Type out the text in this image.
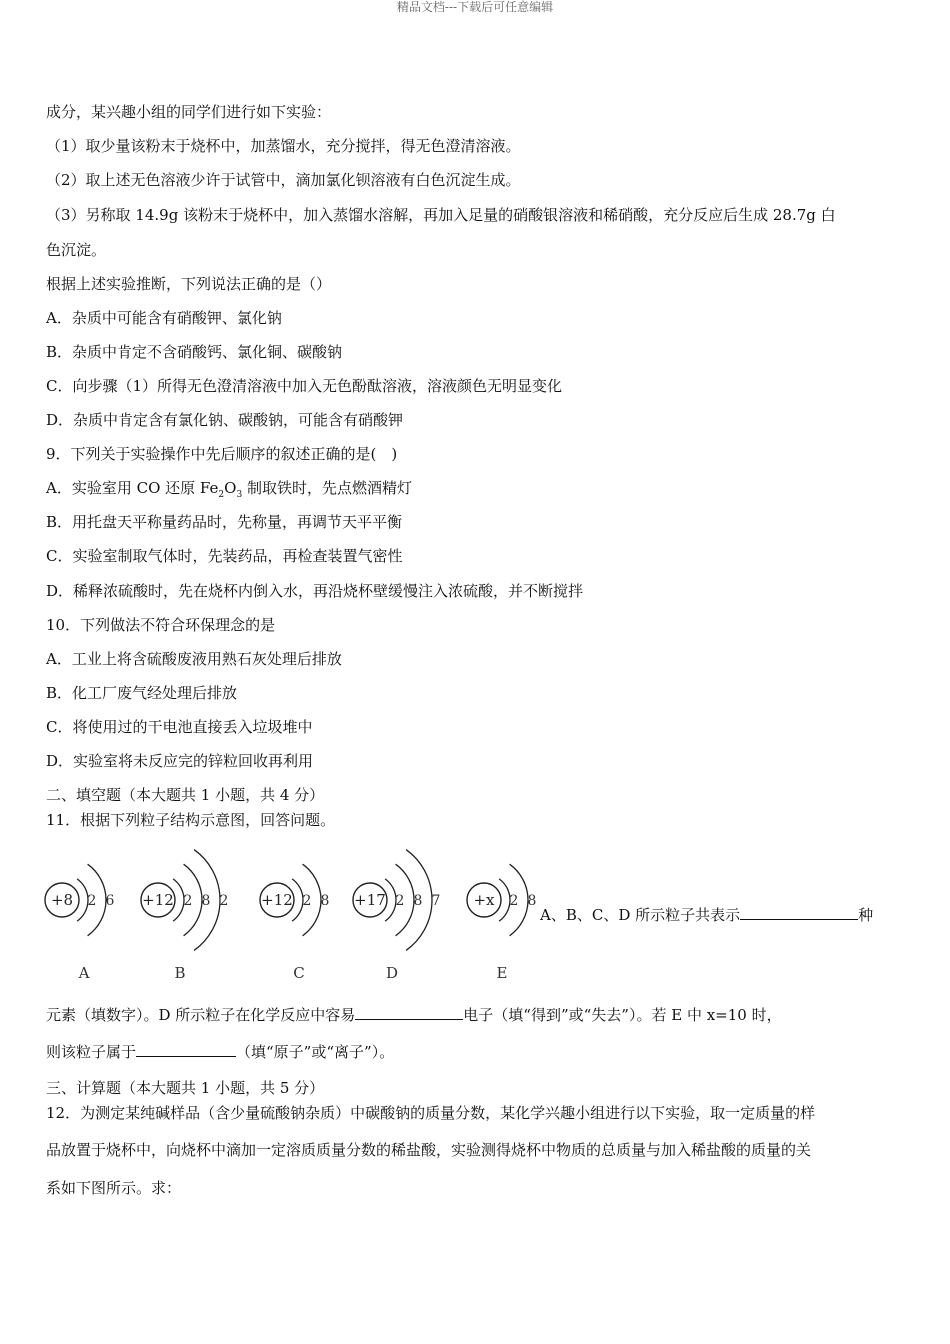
精品文档---下载后可任意编辑
成分，某兴趣小组的同学们进行如下实验：
（1）取少量该粉末于烧杯中，加蒸馏水，充分搅拌，得无色澄清溶液。
（2）取上述无色溶液少许于试管中，滴加氯化钡溶液有白色沉淀生成。
（3）另称取 14.9g 该粉末于烧杯中，加入蒸馏水溶解，再加入足量的硝酸银溶液和稀硝酸，充分反应后生成 28.7g 白
色沉淀。
根据上述实验推断，下列说法正确的是（）
A．杂质中可能含有硝酸钾、氯化钠
B．杂质中肯定不含硝酸钙、氯化铜、碳酸钠
C．向步骤（1）所得无色澄清溶液中加入无色酚酞溶液，溶液颜色无明显变化
D．杂质中肯定含有氯化钠、碳酸钠，可能含有硝酸钾
9．下列关于实验操作中先后顺序的叙述正确的是(　)
A．实验室用 CO 还原 $Fe_2O_3$ 制取铁时，先点燃酒精灯
B．用托盘天平称量药品时，先称量，再调节天平平衡
C．实验室制取气体时，先装药品，再检查装置气密性
D．稀释浓硫酸时，先在烧杯内倒入水，再沿烧杯壁缓慢注入浓硫酸，并不断搅拌
10．下列做法不符合环保理念的是
A．工业上将含硫酸废液用熟石灰处理后排放
B．化工厂废气经处理后排放
C．将使用过的干电池直接丢入垃圾堆中
D．实验室将未反应完的锌粒回收再利用
二、填空题（本大题共 1 小题，共 4 分）
11．根据下列粒子结构示意图，回答问题。
+8 2 6
A
+12 2 8 2
B
+12 2 8
C
+17 2 8 7
D
+x 2 8
E
A、B、C、D 所示粒子共表示	种
元素（填数字）。D 所示粒子在化学反应中容易	电子（填“得到”或“失去”）。若 E 中 x=10 时，
则该粒子属于	（填“原子”或“离子”）。
三、计算题（本大题共 1 小题，共 5 分）
12．为测定某纯碱样品（含少量硫酸钠杂质）中碳酸钠的质量分数，某化学兴趣小组进行以下实验，取一定质量的样
品放置于烧杯中，向烧杯中滴加一定溶质质量分数的稀盐酸，实验测得烧杯中物质的总质量与加入稀盐酸的质量的关
系如下图所示。求：
